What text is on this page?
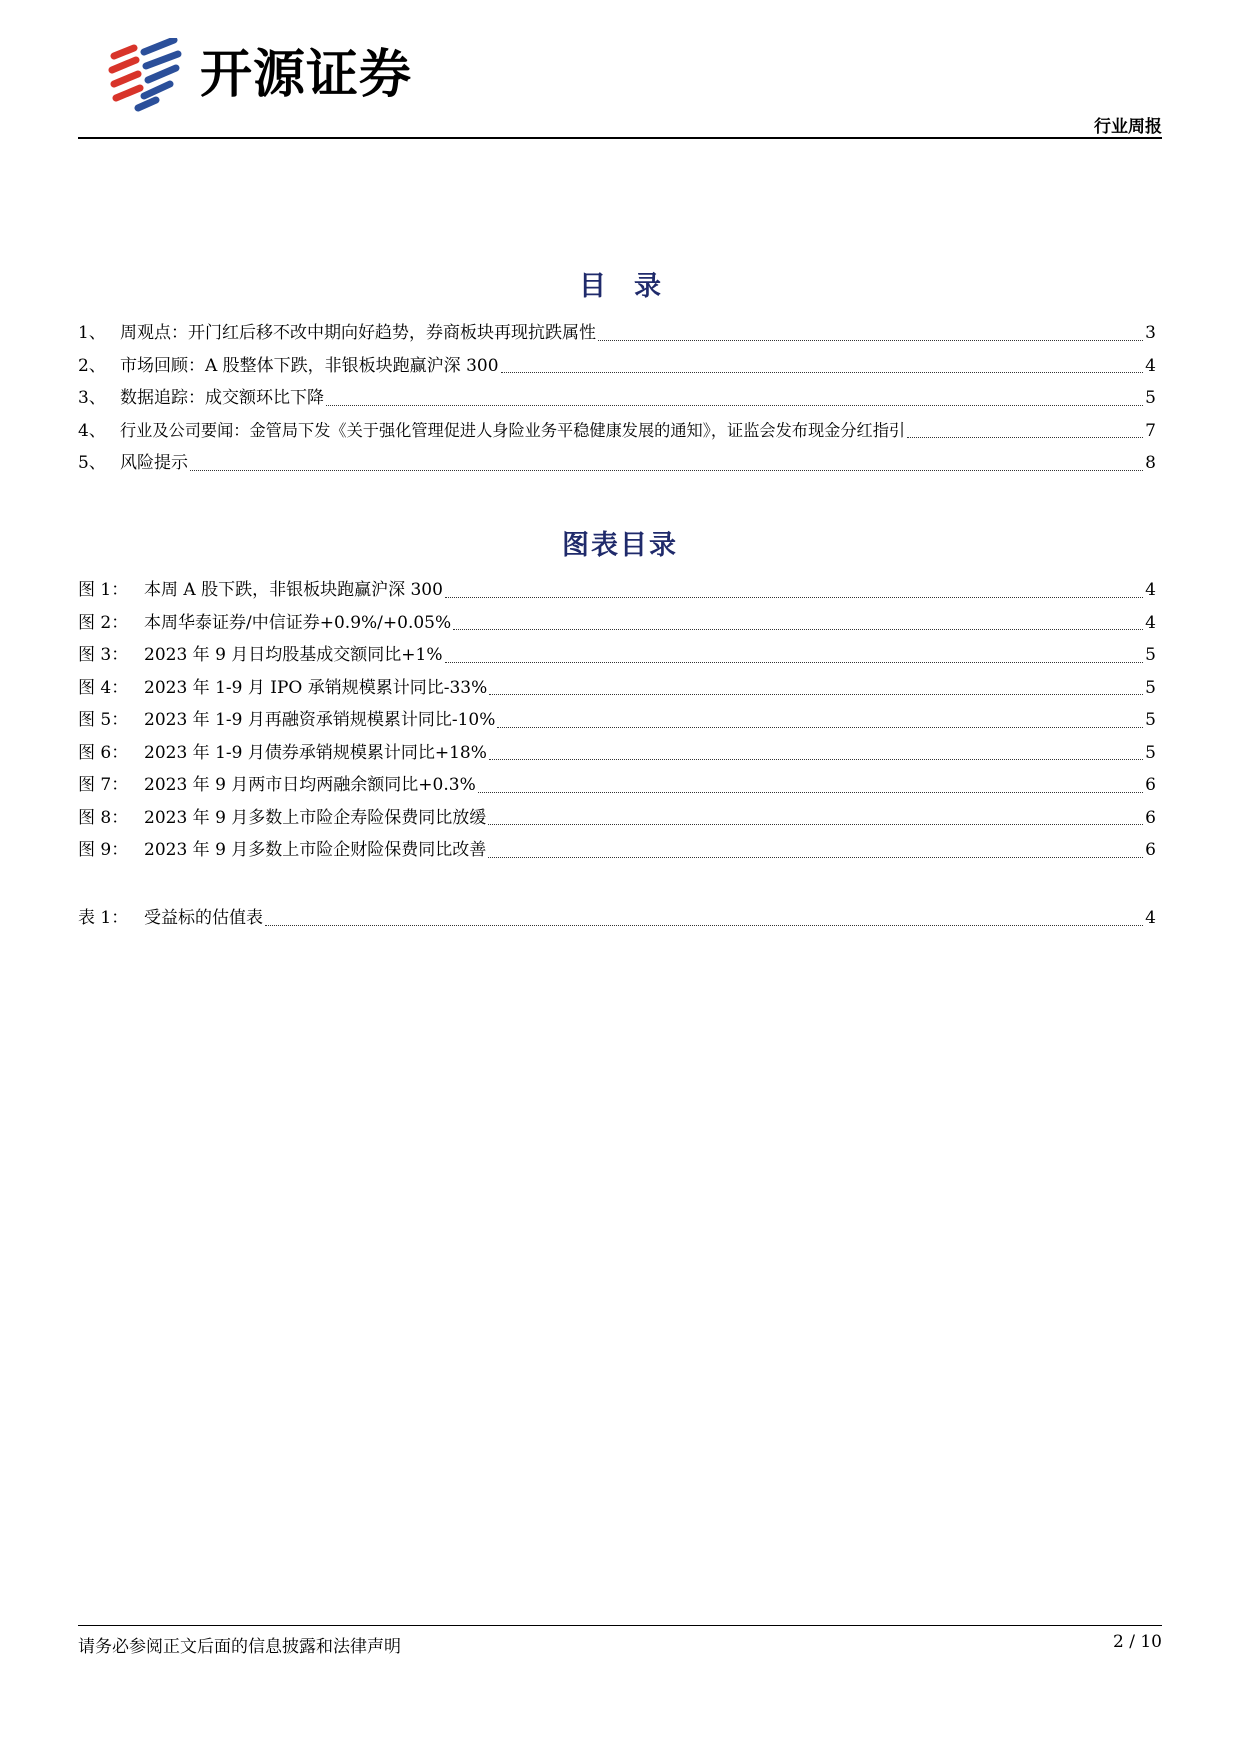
开源证券
行业周报
目录
1、 周观点：开门红后移不改中期向好趋势，券商板块再现抗跌属性	3
2、 市场回顾：A 股整体下跌，非银板块跑赢沪深 300	4
3、 数据追踪：成交额环比下降	5
4、 行业及公司要闻：金管局下发《关于强化管理促进人身险业务平稳健康发展的通知》，证监会发布现金分红指引	7
5、 风险提示	8
图表目录
图 1： 本周 A 股下跌，非银板块跑赢沪深 300	4
图 2： 本周华泰证券/中信证券+0.9%/+0.05%	4
图 3： 2023 年 9 月日均股基成交额同比+1%	5
图 4： 2023 年 1-9 月 IPO 承销规模累计同比-33%	5
图 5： 2023 年 1-9 月再融资承销规模累计同比-10%	5
图 6： 2023 年 1-9 月债券承销规模累计同比+18%	5
图 7： 2023 年 9 月两市日均两融余额同比+0.3%	6
图 8： 2023 年 9 月多数上市险企寿险保费同比放缓	6
图 9： 2023 年 9 月多数上市险企财险保费同比改善	6
表 1： 受益标的估值表	4
请务必参阅正文后面的信息披露和法律声明	2 / 10
